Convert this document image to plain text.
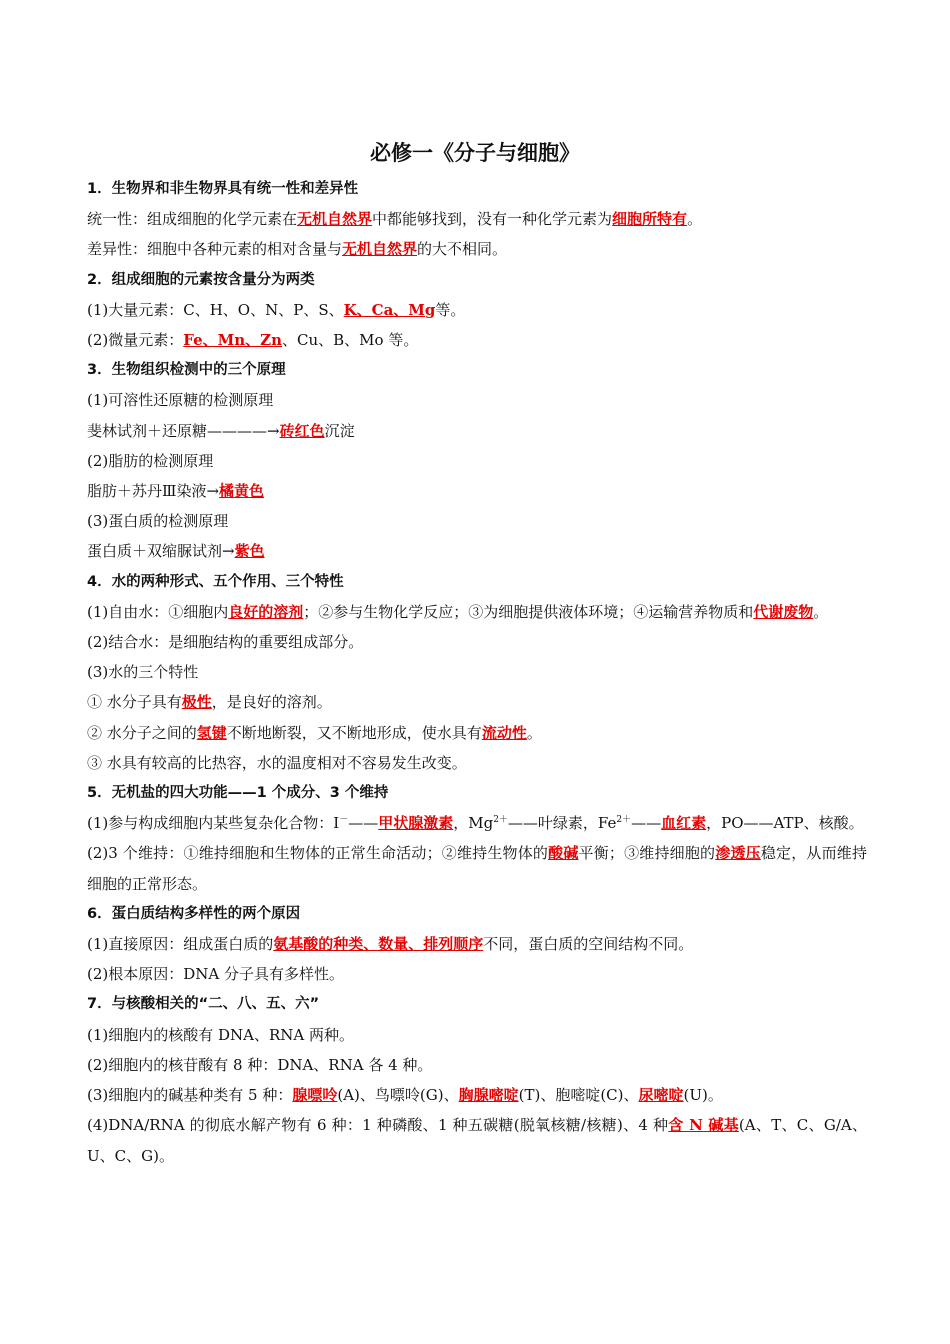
必修一《分子与细胞》
1．生物界和非生物界具有统一性和差异性
统一性：组成细胞的化学元素在无机自然界中都能够找到，没有一种化学元素为细胞所特有。
差异性：细胞中各种元素的相对含量与无机自然界的大不相同。
2．组成细胞的元素按含量分为两类
(1)大量元素：C、H、O、N、P、S、K、Ca、Mg等。
(2)微量元素：Fe、Mn、Zn、Cu、B、Mo 等。
3．生物组织检测中的三个原理
(1)可溶性还原糖的检测原理
斐林试剂＋还原糖————→砖红色沉淀
(2)脂肪的检测原理
脂肪＋苏丹Ⅲ染液→橘黄色
(3)蛋白质的检测原理
蛋白质＋双缩脲试剂→紫色
4．水的两种形式、五个作用、三个特性
(1)自由水：①细胞内良好的溶剂；②参与生物化学反应；③为细胞提供液体环境；④运输营养物质和代谢废物。
(2)结合水：是细胞结构的重要组成部分。
(3)水的三个特性
① 水分子具有极性，是良好的溶剂。
② 水分子之间的氢键不断地断裂，又不断地形成，使水具有流动性。
③ 水具有较高的比热容，水的温度相对不容易发生改变。
5．无机盐的四大功能——1 个成分、3 个维持
(1)参与构成细胞内某些复杂化合物：I－——甲状腺激素，$Mg^{2+}——$叶绿素，$Fe^{2+}——$血红素，PO——ATP、核酸。
(2)3 个维持：①维持细胞和生物体的正常生命活动；②维持生物体的酸碱平衡；③维持细胞的渗透压稳定，从而维持细胞的正常形态。
6．蛋白质结构多样性的两个原因
(1)直接原因：组成蛋白质的氨基酸的种类、数量、排列顺序不同，蛋白质的空间结构不同。
(2)根本原因：DNA 分子具有多样性。
7．与核酸相关的“二、八、五、六”
(1)细胞内的核酸有 DNA、RNA 两种。
(2)细胞内的核苷酸有 8 种：DNA、RNA 各 4 种。
(3)细胞内的碱基种类有 5 种：腺嘌呤(A)、鸟嘌呤(G)、胸腺嘧啶(T)、胞嘧啶(C)、尿嘧啶(U)。
(4)DNA/RNA 的彻底水解产物有 6 种：1 种磷酸、1 种五碳糖(脱氧核糖/核糖)、4 种含 N 碱基(A、T、C、G/A、U、C、G)。
